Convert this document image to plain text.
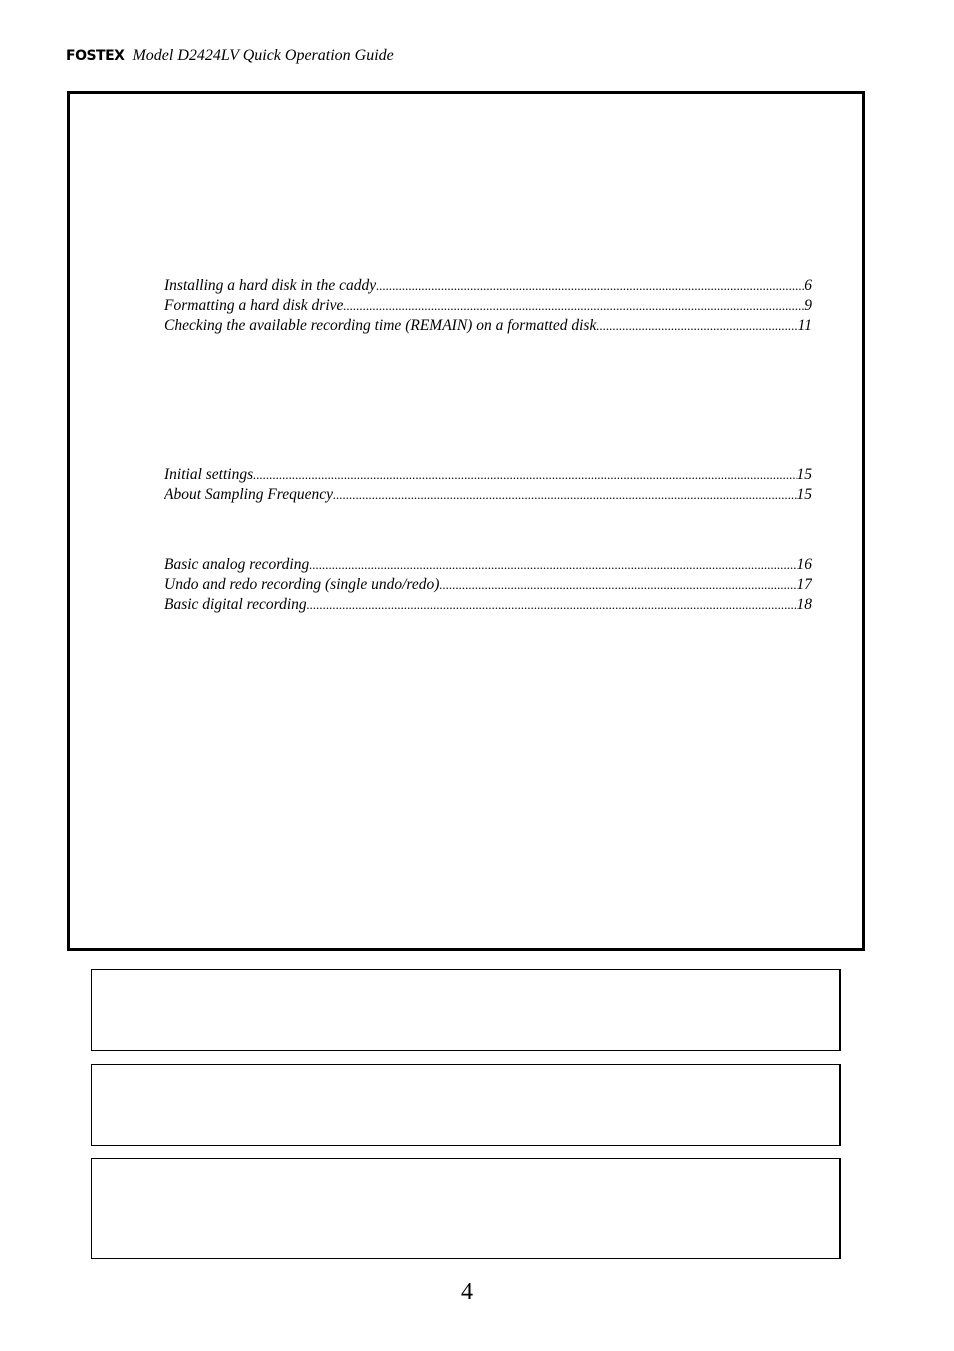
FOSTEX Model D2424LV Quick Operation Guide
Installing a hard disk in the caddy .....	6
Formatting a hard disk drive .....	9
Checking the available recording time (REMAIN) on a formatted disk .....	11
Initial settings .....	15
About Sampling Frequency .....	15
Basic analog recording .....	16
Undo and redo recording (single undo/redo) .....	17
Basic digital recording .....	18
4
